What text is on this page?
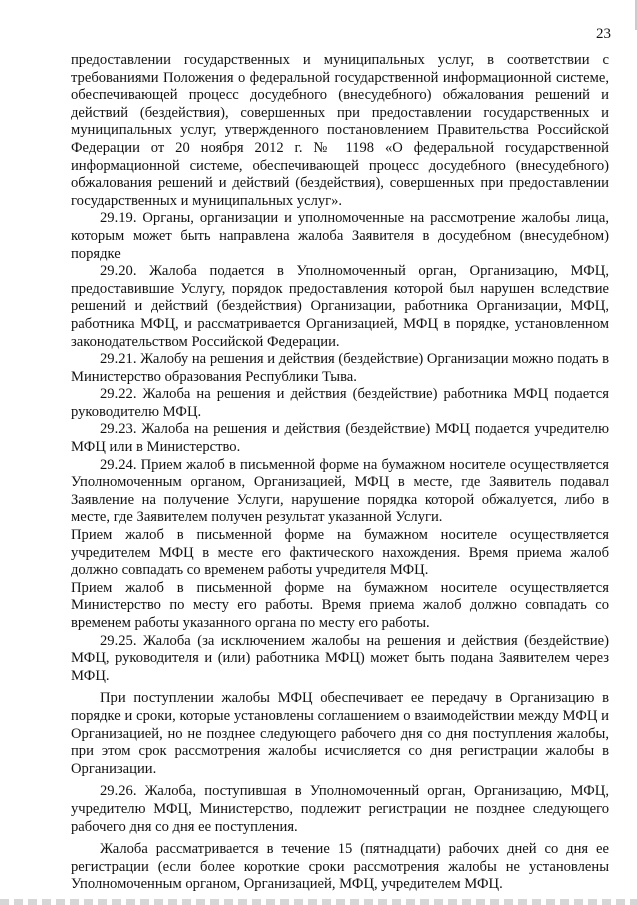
23

предоставлении государственных и муниципальных услуг, в соответствии с требованиями Положения о федеральной государственной информационной системе, обеспечивающей процесс досудебного (внесудебного) обжалования решений и действий (бездействия), совершенных при предоставлении государственных и муниципальных услуг, утвержденного постановлением Правительства Российской Федерации от 20 ноября 2012 г. № 1198 «О федеральной государственной информационной системе, обеспечивающей процесс досудебного (внесудебного) обжалования решений и действий (бездействия), совершенных при предоставлении государственных и муниципальных услуг».

29.19. Органы, организации и уполномоченные на рассмотрение жалобы лица, которым может быть направлена жалоба Заявителя в досудебном (внесудебном) порядке

29.20. Жалоба подается в Уполномоченный орган, Организацию, МФЦ, предоставившие Услугу, порядок предоставления которой был нарушен вследствие решений и действий (бездействия) Организации, работника Организации, МФЦ, работника МФЦ, и рассматривается Организацией, МФЦ в порядке, установленном законодательством Российской Федерации.

29.21. Жалобу на решения и действия (бездействие) Организации можно подать в Министерство образования Республики Тыва.

29.22. Жалоба на решения и действия (бездействие) работника МФЦ подается руководителю МФЦ.

29.23. Жалоба на решения и действия (бездействие) МФЦ подается учредителю МФЦ или в Министерство.

29.24. Прием жалоб в письменной форме на бумажном носителе осуществляется Уполномоченным органом, Организацией, МФЦ в месте, где Заявитель подавал Заявление на получение Услуги, нарушение порядка которой обжалуется, либо в месте, где Заявителем получен результат указанной Услуги.

Прием жалоб в письменной форме на бумажном носителе осуществляется учредителем МФЦ в месте его фактического нахождения. Время приема жалоб должно совпадать со временем работы учредителя МФЦ.

Прием жалоб в письменной форме на бумажном носителе осуществляется Министерство по месту его работы. Время приема жалоб должно совпадать со временем работы указанного органа по месту его работы.

29.25. Жалоба (за исключением жалобы на решения и действия (бездействие) МФЦ, руководителя и (или) работника МФЦ) может быть подана Заявителем через МФЦ.

При поступлении жалобы МФЦ обеспечивает ее передачу в Организацию в порядке и сроки, которые установлены соглашением о взаимодействии между МФЦ и Организацией, но не позднее следующего рабочего дня со дня поступления жалобы, при этом срок рассмотрения жалобы исчисляется со дня регистрации жалобы в Организации.

29.26. Жалоба, поступившая в Уполномоченный орган, Организацию, МФЦ, учредителю МФЦ, Министерство, подлежит регистрации не позднее следующего рабочего дня со дня ее поступления.

Жалоба рассматривается в течение 15 (пятнадцати) рабочих дней со дня ее регистрации (если более короткие сроки рассмотрения жалобы не установлены Уполномоченным органом, Организацией, МФЦ, учредителем МФЦ.
